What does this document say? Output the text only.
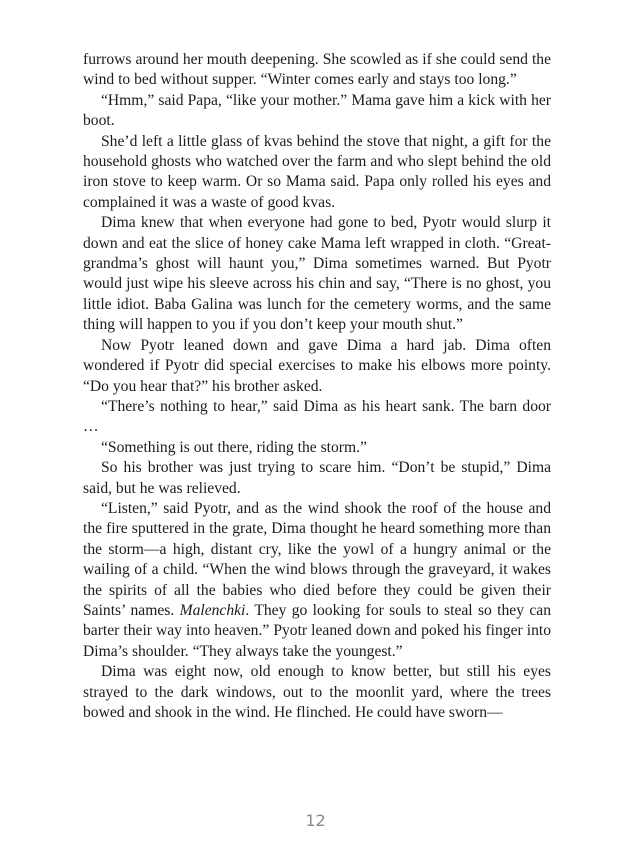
furrows around her mouth deepening. She scowled as if she could send the wind to bed without supper. “Winter comes early and stays too long.”

“Hmm,” said Papa, “like your mother.” Mama gave him a kick with her boot.

She’d left a little glass of kvas behind the stove that night, a gift for the household ghosts who watched over the farm and who slept behind the old iron stove to keep warm. Or so Mama said. Papa only rolled his eyes and complained it was a waste of good kvas.

Dima knew that when everyone had gone to bed, Pyotr would slurp it down and eat the slice of honey cake Mama left wrapped in cloth. “Great-grandma’s ghost will haunt you,” Dima sometimes warned. But Pyotr would just wipe his sleeve across his chin and say, “There is no ghost, you little idiot. Baba Galina was lunch for the cemetery worms, and the same thing will happen to you if you don’t keep your mouth shut.”

Now Pyotr leaned down and gave Dima a hard jab. Dima often wondered if Pyotr did special exercises to make his elbows more pointy. “Do you hear that?” his brother asked.

“There’s nothing to hear,” said Dima as his heart sank. The barn door …

“Something is out there, riding the storm.”

So his brother was just trying to scare him. “Don’t be stupid,” Dima said, but he was relieved.

“Listen,” said Pyotr, and as the wind shook the roof of the house and the fire sputtered in the grate, Dima thought he heard something more than the storm—a high, distant cry, like the yowl of a hungry animal or the wailing of a child. “When the wind blows through the graveyard, it wakes the spirits of all the babies who died before they could be given their Saints’ names. Malenchki. They go looking for souls to steal so they can barter their way into heaven.” Pyotr leaned down and poked his finger into Dima’s shoulder. “They always take the youngest.”

Dima was eight now, old enough to know better, but still his eyes strayed to the dark windows, out to the moonlit yard, where the trees bowed and shook in the wind. He flinched. He could have sworn—

12
